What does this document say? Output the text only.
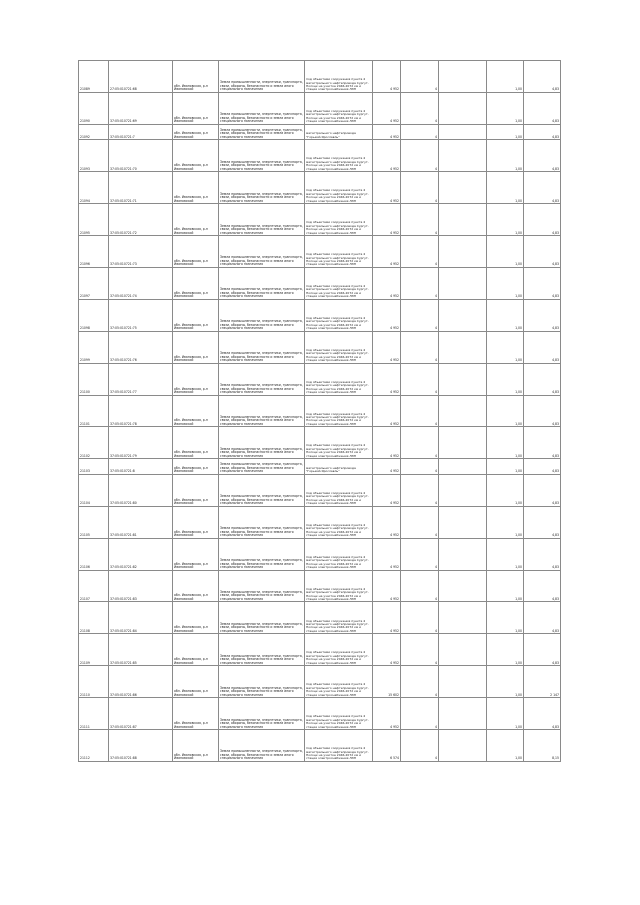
21089	27:05:010721:68	обл. Ивановская, р-н Ивановский	Земли промышленности, энергетики, транспорта, связи, обороны, безопасности и земли иного специального назначения	под объектами сооружения пункта 4 магистрального нефтепровода Сургут-Полоцк на участке 2046-2072 км и стации электроснабжения ЛЭП	4 952	4		1,00	4,83
21090	37:05:010721:69	обл. Ивановская, р-н Ивановский	Земли промышленности, энергетики, транспорта, связи, обороны, безопасности и земли иного специального назначения	под объектами сооружения пункта 4 магистрального нефтепровода Сургут-Полоцк на участке 2046-2072 км и стации электроснабжения ЛЭП	4 952	4		1,00	4,83
21092	37:05:010721:7	обл. Ивановская, р-н Ивановский	Земли промышленности, энергетики, транспорта, связи, обороны, безопасности и земли иного специального назначения	магистрального нефтепровода "Горький-Ярославль"	4 952	4		1,00	4,83
21093	37:05:010721:70	обл. Ивановская, р-н Ивановский	Земли промышленности, энергетики, транспорта, связи, обороны, безопасности и земли иного специального назначения	под объектами сооружения пункта 4 магистрального нефтепровода Сургут-Полоцк на участке 2046-2072 км и стации электроснабжения ЛЭП	4 952	4		1,00	4,83
21094	37:05:010721:71	обл. Ивановская, р-н Ивановский	Земли промышленности, энергетики, транспорта, связи, обороны, безопасности и земли иного специального назначения	под объектами сооружения пункта 4 магистрального нефтепровода Сургут-Полоцк на участке 2046-2072 км и стации электроснабжения ЛЭП	4 952	4		1,00	4,83
21095	37:05:010721:72	обл. Ивановская, р-н Ивановский	Земли промышленности, энергетики, транспорта, связи, обороны, безопасности и земли иного специального назначения	под объектами сооружения пункта 4 магистрального нефтепровода Сургут-Полоцк на участке 2046-2072 км и стации электроснабжения ЛЭП	4 952	4		1,00	4,83
21096	37:05:010721:73	обл. Ивановская, р-н Ивановский	Земли промышленности, энергетики, транспорта, связи, обороны, безопасности и земли иного специального назначения	под объектами сооружения пункта 4 магистрального нефтепровода Сургут-Полоцк на участке 2046-2072 км и стации электроснабжения ЛЭП	4 952	4		1,00	4,83
21097	37:05:010721:74	обл. Ивановская, р-н Ивановский	Земли промышленности, энергетики, транспорта, связи, обороны, безопасности и земли иного специального назначения	под объектами сооружения пункта 4 магистрального нефтепровода Сургут-Полоцк на участке 2046-2072 км и стации электроснабжения ЛЭП	4 952	4		1,00	4,83
21098	37:05:010721:75	обл. Ивановская, р-н Ивановский	Земли промышленности, энергетики, транспорта, связи, обороны, безопасности и земли иного специального назначения	под объектами сооружения пункта 4 магистрального нефтепровода Сургут-Полоцк на участке 2046-2072 км и стации электроснабжения ЛЭП	4 952	4		1,00	4,83
21099	37:05:010721:76	обл. Ивановская, р-н Ивановский	Земли промышленности, энергетики, транспорта, связи, обороны, безопасности и земли иного специального назначения	под объектами сооружения пункта 4 магистрального нефтепровода Сургут-Полоцк на участке 2046-2072 км и стации электроснабжения ЛЭП	4 952	4		1,00	4,83
21100	37:05:010721:77	обл. Ивановская, р-н Ивановский	Земли промышленности, энергетики, транспорта, связи, обороны, безопасности и земли иного специального назначения	под объектами сооружения пункта 4 магистрального нефтепровода Сургут-Полоцк на участке 2046-2072 км и стации электроснабжения ЛЭП	4 952	4		1,00	4,83
21101	37:05:010721:78	обл. Ивановская, р-н Ивановский	Земли промышленности, энергетики, транспорта, связи, обороны, безопасности и земли иного специального назначения	под объектами сооружения пункта 4 магистрального нефтепровода Сургут-Полоцк на участке 2046-2072 км и стации электроснабжения ЛЭП	4 952	4		1,00	4,83
21102	37:05:010721:79	обл. Ивановская, р-н Ивановский	Земли промышленности, энергетики, транспорта, связи, обороны, безопасности и земли иного специального назначения	под объектами сооружения пункта 4 магистрального нефтепровода Сургут-Полоцк на участке 2046-2072 км и стации электроснабжения ЛЭП	4 952	4		1,00	4,83
21103	37:05:010721:8	обл. Ивановская, р-н Ивановский	Земли промышленности, энергетики, транспорта, связи, обороны, безопасности и земли иного специального назначения	магистрального нефтепровода "Горький-Ярославль"	4 952	4		1,00	4,83
21104	37:05:010721:80	обл. Ивановская, р-н Ивановский	Земли промышленности, энергетики, транспорта, связи, обороны, безопасности и земли иного специального назначения	под объектами сооружения пункта 4 магистрального нефтепровода Сургут-Полоцк на участке 2046-2072 км и стации электроснабжения ЛЭП	4 952	4		1,00	4,83
21105	37:05:010721:81	обл. Ивановская, р-н Ивановский	Земли промышленности, энергетики, транспорта, связи, обороны, безопасности и земли иного специального назначения	под объектами сооружения пункта 4 магистрального нефтепровода Сургут-Полоцк на участке 2046-2072 км и стации электроснабжения ЛЭП	4 952	4		1,00	4,83
21106	37:05:010721:82	обл. Ивановская, р-н Ивановский	Земли промышленности, энергетики, транспорта, связи, обороны, безопасности и земли иного специального назначения	под объектами сооружения пункта 4 магистрального нефтепровода Сургут-Полоцк на участке 2046-2072 км и стации электроснабжения ЛЭП	4 952	4		1,00	4,83
21107	37:05:010721:83	обл. Ивановская, р-н Ивановский	Земли промышленности, энергетики, транспорта, связи, обороны, безопасности и земли иного специального назначения	под объектами сооружения пункта 4 магистрального нефтепровода Сургут-Полоцк на участке 2046-2072 км и стации электроснабжения ЛЭП	4 952	4		1,00	4,83
21108	37:05:010721:84	обл. Ивановская, р-н Ивановский	Земли промышленности, энергетики, транспорта, связи, обороны, безопасности и земли иного специального назначения	под объектами сооружения пункта 4 магистрального нефтепровода Сургут-Полоцк на участке 2046-2072 км и стации электроснабжения ЛЭП	4 952	4		1,00	4,83
21109	37:05:010721:85	обл. Ивановская, р-н Ивановский	Земли промышленности, энергетики, транспорта, связи, обороны, безопасности и земли иного специального назначения	под объектами сооружения пункта 4 магистрального нефтепровода Сургут-Полоцк на участке 2046-2072 км и стации электроснабжения ЛЭП	4 952	4		1,00	4,83
21110	37:05:010721:86	обл. Ивановская, р-н Ивановский	Земли промышленности, энергетики, транспорта, связи, обороны, безопасности и земли иного специального назначения	под объектами сооружения пункта 4 магистрального нефтепровода Сургут-Полоцк на участке 2046-2072 км и стации электроснабжения ЛЭП	15 602	4		1,00	2 147
21111	37:05:010721:87	обл. Ивановская, р-н Ивановский	Земли промышленности, энергетики, транспорта, связи, обороны, безопасности и земли иного специального назначения	под объектами сооружения пункта 4 магистрального нефтепровода Сургут-Полоцк на участке 2046-2072 км и стации электроснабжения ЛЭП	4 952	4		1,00	4,83
21112	37:05:010721:88	обл. Ивановская, р-н Ивановский	Земли промышленности, энергетики, транспорта, связи, обороны, безопасности и земли иного специального назначения	под объектами сооружения пункта 4 магистрального нефтепровода Сургут-Полоцк на участке 2046-2072 км и стации электроснабжения ЛЭП	6 574	4		1,00	8,15
